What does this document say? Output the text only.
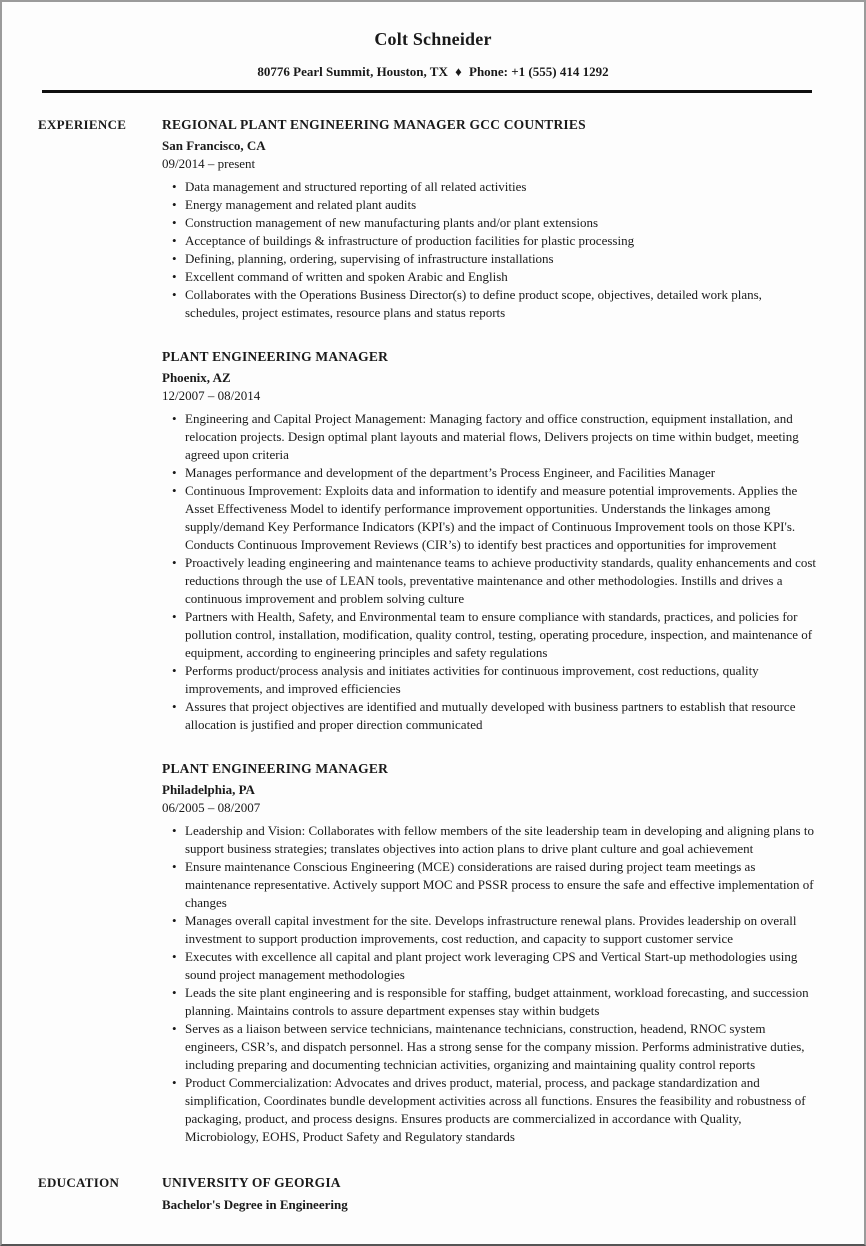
Colt Schneider
80776 Pearl Summit, Houston, TX ♦ Phone: +1 (555) 414 1292
EXPERIENCE	REGIONAL PLANT ENGINEERING MANAGER GCC COUNTRIES
San Francisco, CA
09/2014 – present
• Data management and structured reporting of all related activities
• Energy management and related plant audits
• Construction management of new manufacturing plants and/or plant extensions
• Acceptance of buildings & infrastructure of production facilities for plastic processing
• Defining, planning, ordering, supervising of infrastructure installations
• Excellent command of written and spoken Arabic and English
• Collaborates with the Operations Business Director(s) to define product scope, objectives, detailed work plans, schedules, project estimates, resource plans and status reports
PLANT ENGINEERING MANAGER
Phoenix, AZ
12/2007 – 08/2014
• Engineering and Capital Project Management: Managing factory and office construction, equipment installation, and relocation projects. Design optimal plant layouts and material flows, Delivers projects on time within budget, meeting agreed upon criteria
• Manages performance and development of the department’s Process Engineer, and Facilities Manager
• Continuous Improvement: Exploits data and information to identify and measure potential improvements. Applies the Asset Effectiveness Model to identify performance improvement opportunities. Understands the linkages among supply/demand Key Performance Indicators (KPI's) and the impact of Continuous Improvement tools on those KPI's. Conducts Continuous Improvement Reviews (CIR’s) to identify best practices and opportunities for improvement
• Proactively leading engineering and maintenance teams to achieve productivity standards, quality enhancements and cost reductions through the use of LEAN tools, preventative maintenance and other methodologies. Instills and drives a continuous improvement and problem solving culture
• Partners with Health, Safety, and Environmental team to ensure compliance with standards, practices, and policies for pollution control, installation, modification, quality control, testing, operating procedure, inspection, and maintenance of equipment, according to engineering principles and safety regulations
• Performs product/process analysis and initiates activities for continuous improvement, cost reductions, quality improvements, and improved efficiencies
• Assures that project objectives are identified and mutually developed with business partners to establish that resource allocation is justified and proper direction communicated
PLANT ENGINEERING MANAGER
Philadelphia, PA
06/2005 – 08/2007
• Leadership and Vision: Collaborates with fellow members of the site leadership team in developing and aligning plans to support business strategies; translates objectives into action plans to drive plant culture and goal achievement
• Ensure maintenance Conscious Engineering (MCE) considerations are raised during project team meetings as maintenance representative. Actively support MOC and PSSR process to ensure the safe and effective implementation of changes
• Manages overall capital investment for the site. Develops infrastructure renewal plans. Provides leadership on overall investment to support production improvements, cost reduction, and capacity to support customer service
• Executes with excellence all capital and plant project work leveraging CPS and Vertical Start-up methodologies using sound project management methodologies
• Leads the site plant engineering and is responsible for staffing, budget attainment, workload forecasting, and succession planning. Maintains controls to assure department expenses stay within budgets
• Serves as a liaison between service technicians, maintenance technicians, construction, headend, RNOC system engineers, CSR’s, and dispatch personnel. Has a strong sense for the company mission. Performs administrative duties, including preparing and documenting technician activities, organizing and maintaining quality control reports
• Product Commercialization: Advocates and drives product, material, process, and package standardization and simplification, Coordinates bundle development activities across all functions. Ensures the feasibility and robustness of packaging, product, and process designs. Ensures products are commercialized in accordance with Quality, Microbiology, EOHS, Product Safety and Regulatory standards
EDUCATION	UNIVERSITY OF GEORGIA
Bachelor's Degree in Engineering
